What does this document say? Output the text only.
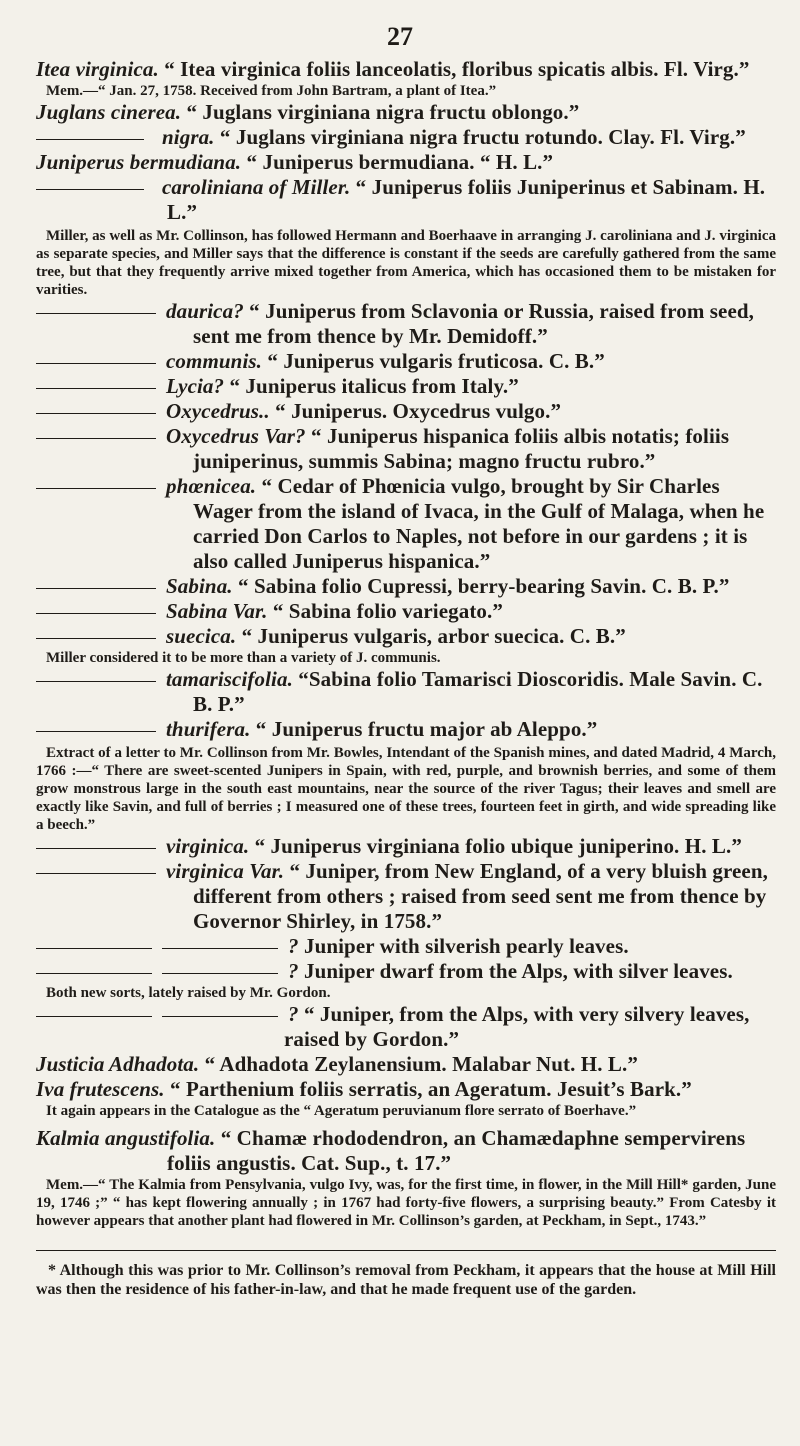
27

Itea virginica. “ Itea virginica foliis lanceolatis, floribus spicatis albis. Fl. Virg.”

Mem.—“ Jan. 27, 1758. Received from John Bartram, a plant of Itea.”

Juglans cinerea. “ Juglans virginiana nigra fructu oblongo.”

nigra. “ Juglans virginiana nigra fructu rotundo. Clay. Fl. Virg.”

Juniperus bermudiana. “ Juniperus bermudiana. “ H. L.”

caroliniana of Miller. “ Juniperus foliis Juniperinus et Sabinam. H. L.”

Miller, as well as Mr. Collinson, has followed Hermann and Boerhaave in arranging J. caroliniana and J. virginica as separate species, and Miller says that the difference is constant if the seeds are carefully gathered from the same tree, but that they frequently arrive mixed together from America, which has occasioned them to be mistaken for varities.

daurica? “ Juniperus from Sclavonia or Russia, raised from seed, sent me from thence by Mr. Demidoff.”

communis. “ Juniperus vulgaris fruticosa. C. B.”

Lycia? “ Juniperus italicus from Italy.”

Oxycedrus.. “ Juniperus. Oxycedrus vulgo.”

Oxycedrus Var? “ Juniperus hispanica foliis albis notatis; foliis juniperinus, summis Sabina; magno fructu rubro.”

phœnicea. “ Cedar of Phœnicia vulgo, brought by Sir Charles Wager from the island of Ivaca, in the Gulf of Malaga, when he carried Don Carlos to Naples, not before in our gardens ; it is also called Juniperus hispanica.”

Sabina. “ Sabina folio Cupressi, berry-bearing Savin. C. B. P.”

Sabina Var. “ Sabina folio variegato.”

suecica. “ Juniperus vulgaris, arbor suecica. C. B.”

Miller considered it to be more than a variety of J. communis.

tamariscifolia. “Sabina folio Tamarisci Dioscoridis. Male Savin. C. B. P.”

thurifera. “ Juniperus fructu major ab Aleppo.”

Extract of a letter to Mr. Collinson from Mr. Bowles, Intendant of the Spanish mines, and dated Madrid, 4 March, 1766 :—“ There are sweet-scented Junipers in Spain, with red, purple, and brownish berries, and some of them grow monstrous large in the south east mountains, near the source of the river Tagus; their leaves and smell are exactly like Savin, and full of berries ; I measured one of these trees, fourteen feet in girth, and wide spreading like a beech.”

virginica. “ Juniperus virginiana folio ubique juniperino. H. L.”

virginica Var. “ Juniper, from New England, of a very bluish green, different from others ; raised from seed sent me from thence by Governor Shirley, in 1758.”

? Juniper with silverish pearly leaves.

? Juniper dwarf from the Alps, with silver leaves.

Both new sorts, lately raised by Mr. Gordon.

? “ Juniper, from the Alps, with very silvery leaves, raised by Gordon.”

Justicia Adhadota. “ Adhadota Zeylanensium. Malabar Nut. H. L.”

Iva frutescens. “ Parthenium foliis serratis, an Ageratum. Jesuit’s Bark.”

It again appears in the Catalogue as the “ Ageratum peruvianum flore serrato of Boerhave.”

Kalmia angustifolia. “ Chamæ rhododendron, an Chamædaphne sempervirens foliis angustis. Cat. Sup., t. 17.”

Mem.—“ The Kalmia from Pensylvania, vulgo Ivy, was, for the first time, in flower, in the Mill Hill* garden, June 19, 1746 ;” “ has kept flowering annually ; in 1767 had forty-five flowers, a surprising beauty.” From Catesby it however appears that another plant had flowered in Mr. Collinson’s garden, at Peckham, in Sept., 1743.”

* Although this was prior to Mr. Collinson’s removal from Peckham, it appears that the house at Mill Hill was then the residence of his father-in-law, and that he made frequent use of the garden.
